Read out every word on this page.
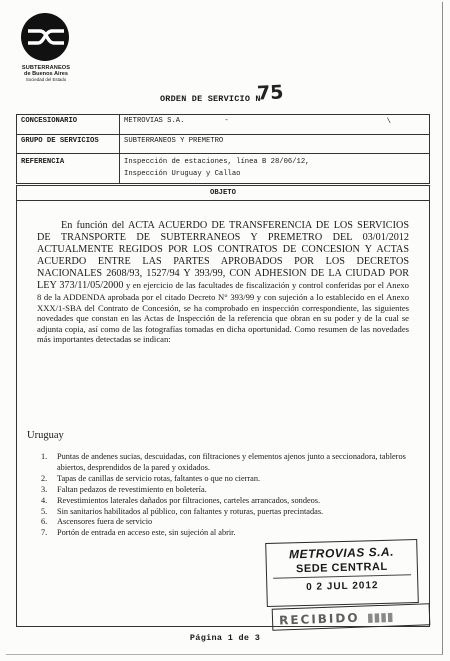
SUBTERRANEOS
de Buenos Aires
Sociedad del Estado
ORDEN DE SERVICIO N°
75
CONCESIONARIO	METROVIAS S.A. - \

GRUPO DE SERVICIOS	SUBTERRANEOS Y PREMETRO
REFERENCIA	Inspección de estaciones, línea B 28/06/12,
Inspección Uruguay y Callao
OBJETO
En función del ACTA ACUERDO DE TRANSFERENCIA DE LOS SERVICIOS DE TRANSPORTE DE SUBTERRANEOS Y PREMETRO DEL 03/01/2012 ACTUALMENTE REGIDOS POR LOS CONTRATOS DE CONCESION Y ACTAS ACUERDO ENTRE LAS PARTES APROBADOS POR LOS DECRETOS NACIONALES 2608/93, 1527/94 Y 393/99, CON ADHESION DE LA CIUDAD POR LEY 373/11/05/2000 y en ejercicio de las facultades de fiscalización y control conferidas por el Anexo 8 de la ADDENDA aprobada por el citado Decreto N° 393/99 y con sujeción a lo establecido en el Anexo XXX/1-SBA del Contrato de Concesión, se ha comprobado en inspección correspondiente, las siguientes novedades que constan en las Actas de Inspección de la referencia que obran en su poder y de la cual se adjunta copia, así como de las fotografías tomadas en dicha oportunidad. Como resumen de las novedades más importantes detectadas se indican:
Uruguay
1. Puntas de andenes sucias, descuidadas, con filtraciones y elementos ajenos junto a seccionadora, tableros abiertos, desprendidos de la pared y oxidados.
2. Tapas de canillas de servicio rotas, faltantes o que no cierran.
3. Faltan pedazos de revestimiento en boletería.
4. Revestimientos laterales dañados por filtraciones, carteles arrancados, sondeos.
5. Sin sanitarios habilitados al público, con faltantes y roturas, puertas precintadas.
6. Ascensores fuera de servicio
7. Portón de entrada en acceso este, sin sujeción al abrir.
METROVIAS S.A.
SEDE CENTRAL
0 2 JUL 2012
RECIBIDO ▮▮▮▮
Página 1 de 3
